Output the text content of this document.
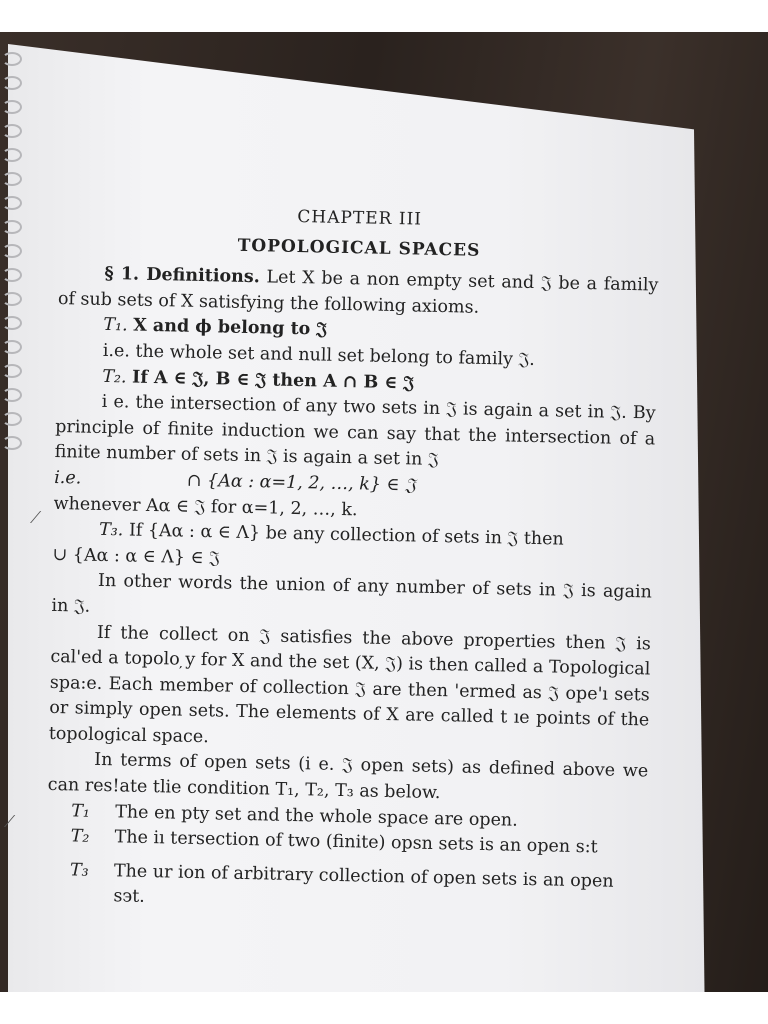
⟋
⟋
CHAPTER III
TOPOLOGICAL SPACES

§ 1. Definitions. Let X be a non empty set and 𝔍 be a family of sub sets of X satisfying the following axioms.

T₁. X and ϕ belong to 𝔍

i.e. the whole set and null set belong to family 𝔍.

T₂. If A ∈ 𝔍, B ∈ 𝔍 then A ∩ B ∈ 𝔍

i e. the intersection of any two sets in 𝔍 is again a set in 𝔍. By principle of finite induction we can say that the intersection of a finite number of sets in 𝔍 is again a set in 𝔍

i.e.	∩ {Aα : α=1, 2, …, k} ∈ 𝔍

whenever Aα ∈ 𝔍 for α=1, 2, …, k.

T₃. If {Aα : α ∈ Λ} be any collection of sets in 𝔍 then

∪ {Aα : α ∈ Λ} ∈ 𝔍

In other words the union of any number of sets in 𝔍 is again in 𝔍.

If the collect on 𝔍 satisfies the above properties then 𝔍 is cal'ed a topolo ̦y for X and the set (X, 𝔍) is then called a Topological spa:e. Each member of collection 𝔍 are then 'ermed as 𝔍 ope'ı sets or simply open sets. The elements of X are called t ıe points of the topological space.

In terms of open sets (i e. 𝔍 open sets) as defined above we can res!ate tlie condition T₁, T₂, T₃ as below.

T₁	The en pty set and the whole space are open.
T₂	The iı tersection of two (finite) opsn sets is an open s:t
T₃	The ur ion of arbitrary collection of open sets is an open sэt.
